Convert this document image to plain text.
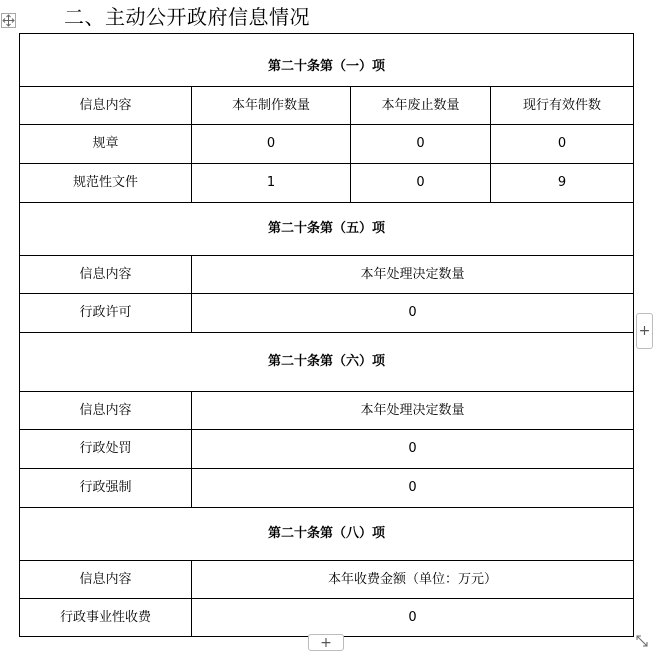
二、主动公开政府信息情况
第二十条第（一）项			

信息内容	本年制作数量	本年废止数量	现行有效件数
规章	0	0	0
规范性文件	1	0	9
第二十条第（五）项			
信息内容	本年处理决定数量		
行政许可	0		
第二十条第（六）项			
信息内容	本年处理决定数量		
行政处罚	0		
行政强制	0		
第二十条第（八）项			
信息内容	本年收费金额（单位：万元）		
行政事业性收费	0		
+
+
